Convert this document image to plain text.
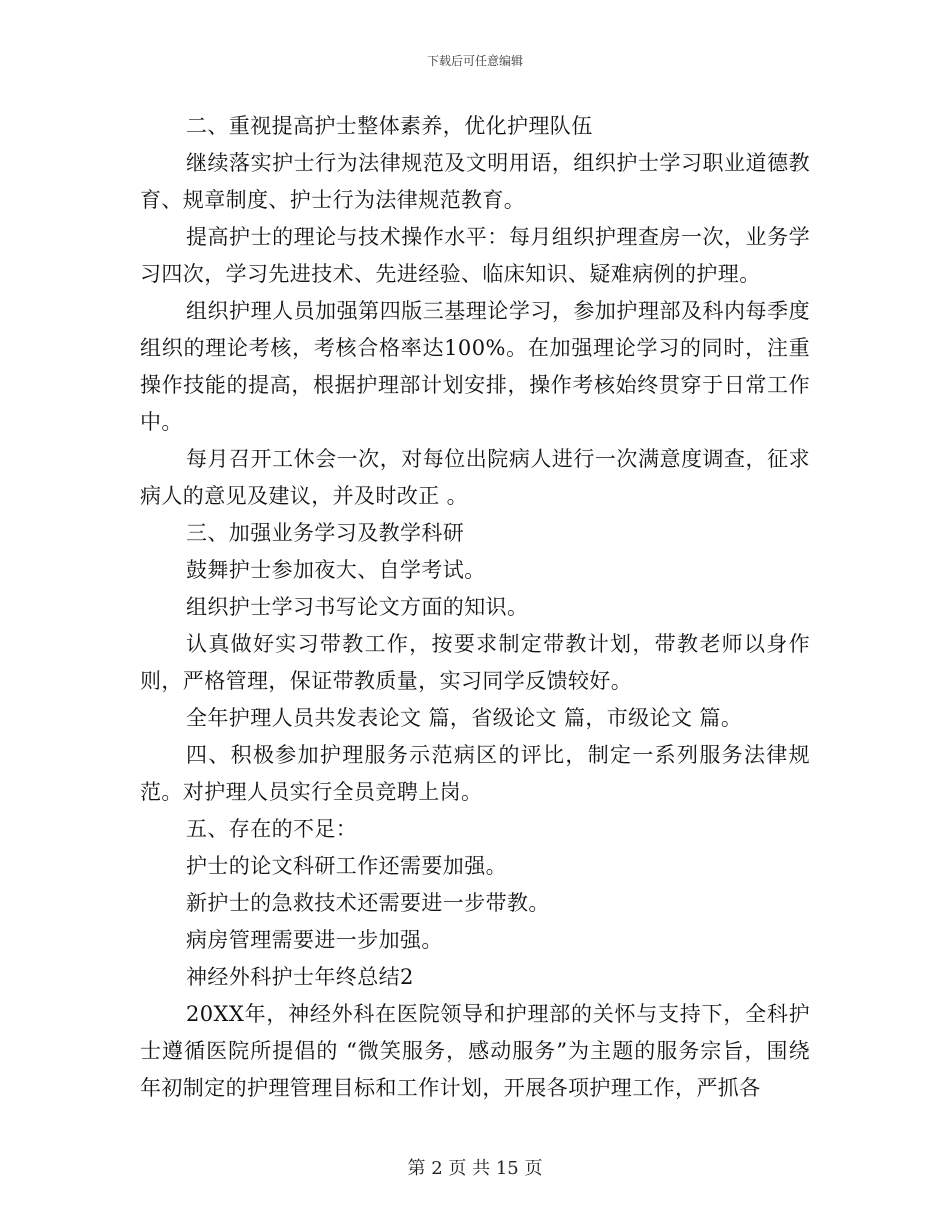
下载后可任意编辑

二、重视提高护士整体素养，优化护理队伍

继续落实护士行为法律规范及文明用语，组织护士学习职业道德教育、规章制度、护士行为法律规范教育。

提高护士的理论与技术操作水平：每月组织护理查房一次，业务学习四次，学习先进技术、先进经验、临床知识、疑难病例的护理。

组织护理人员加强第四版三基理论学习，参加护理部及科内每季度组织的理论考核，考核合格率达100%。在加强理论学习的同时，注重操作技能的提高，根据护理部计划安排，操作考核始终贯穿于日常工作中。

每月召开工休会一次，对每位出院病人进行一次满意度调查，征求病人的意见及建议，并及时改正 。

三、加强业务学习及教学科研

鼓舞护士参加夜大、自学考试。

组织护士学习书写论文方面的知识。

认真做好实习带教工作，按要求制定带教计划，带教老师以身作则，严格管理，保证带教质量，实习同学反馈较好。

全年护理人员共发表论文 篇，省级论文 篇，市级论文 篇。

四、积极参加护理服务示范病区的评比，制定一系列服务法律规范。对护理人员实行全员竞聘上岗。

五、存在的不足：

护士的论文科研工作还需要加强。

新护士的急救技术还需要进一步带教。

病房管理需要进一步加强。

神经外科护士年终总结2

20XX年，神经外科在医院领导和护理部的关怀与支持下，全科护士遵循医院所提倡的 “微笑服务，感动服务”为主题的服务宗旨，围绕年初制定的护理管理目标和工作计划，开展各项护理工作，严抓各

第 2 页 共 15 页
